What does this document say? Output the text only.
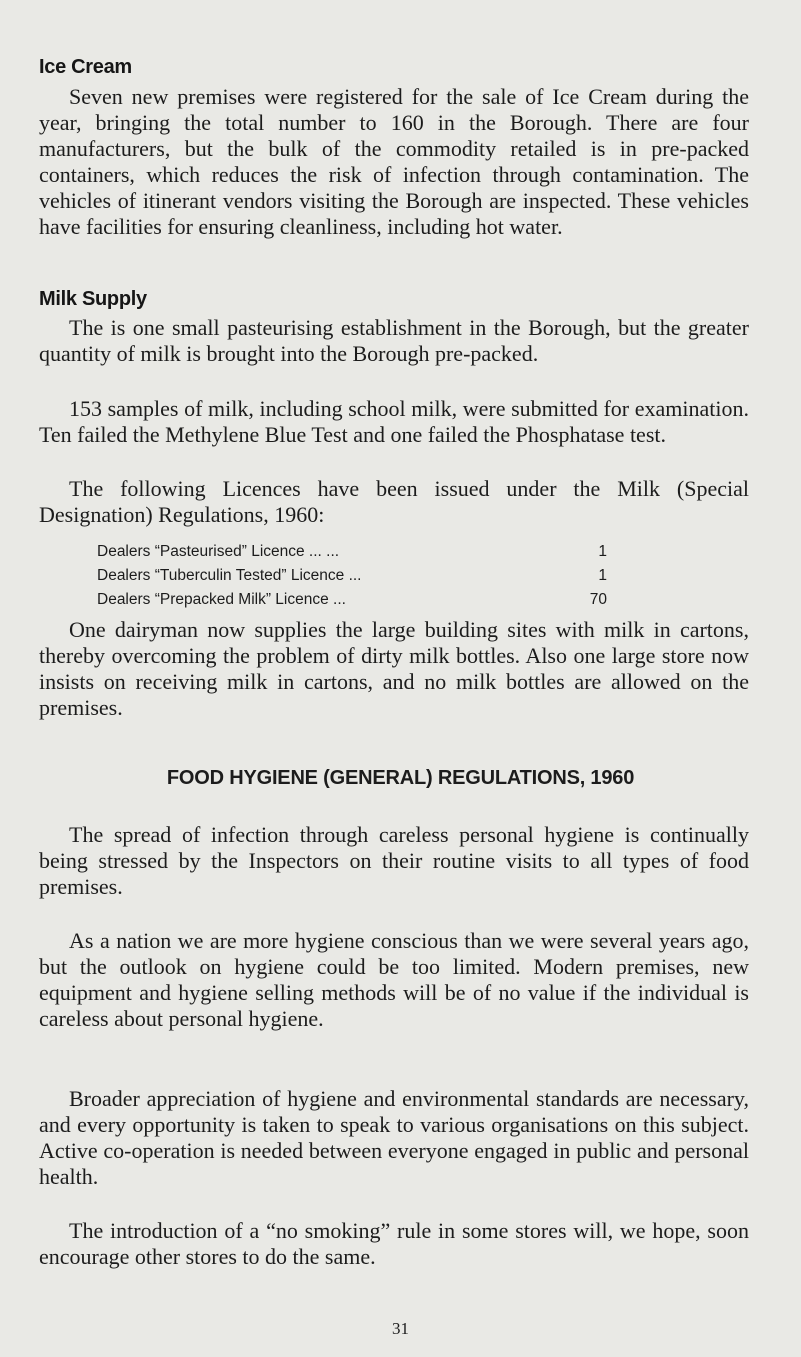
Ice Cream

Seven new premises were registered for the sale of Ice Cream during the year, bringing the total number to 160 in the Borough. There are four manufacturers, but the bulk of the commodity retailed is in pre-packed containers, which reduces the risk of infection through contamination. The vehicles of itinerant vendors visiting the Borough are inspected. These vehicles have facilities for ensuring cleanliness, including hot water.

Milk Supply

The is one small pasteurising establishment in the Borough, but the greater quantity of milk is brought into the Borough pre-packed.

153 samples of milk, including school milk, were submitted for examination. Ten failed the Methylene Blue Test and one failed the Phosphatase test.

The following Licences have been issued under the Milk (Special Designation) Regulations, 1960:

Dealers “Pasteurised” Licence ... ...	1
Dealers “Tuberculin Tested” Licence ...	1
Dealers “Prepacked Milk” Licence ...	70

One dairyman now supplies the large building sites with milk in cartons, thereby overcoming the problem of dirty milk bottles. Also one large store now insists on receiving milk in cartons, and no milk bottles are allowed on the premises.

FOOD HYGIENE (GENERAL) REGULATIONS, 1960

The spread of infection through careless personal hygiene is continually being stressed by the Inspectors on their routine visits to all types of food premises.

As a nation we are more hygiene conscious than we were several years ago, but the outlook on hygiene could be too limited. Modern premises, new equipment and hygiene selling methods will be of no value if the individual is careless about personal hygiene.

Broader appreciation of hygiene and environmental standards are necessary, and every opportunity is taken to speak to various organisations on this subject. Active co-operation is needed between everyone engaged in public and personal health.

The introduction of a “no smoking” rule in some stores will, we hope, soon encourage other stores to do the same.

31
